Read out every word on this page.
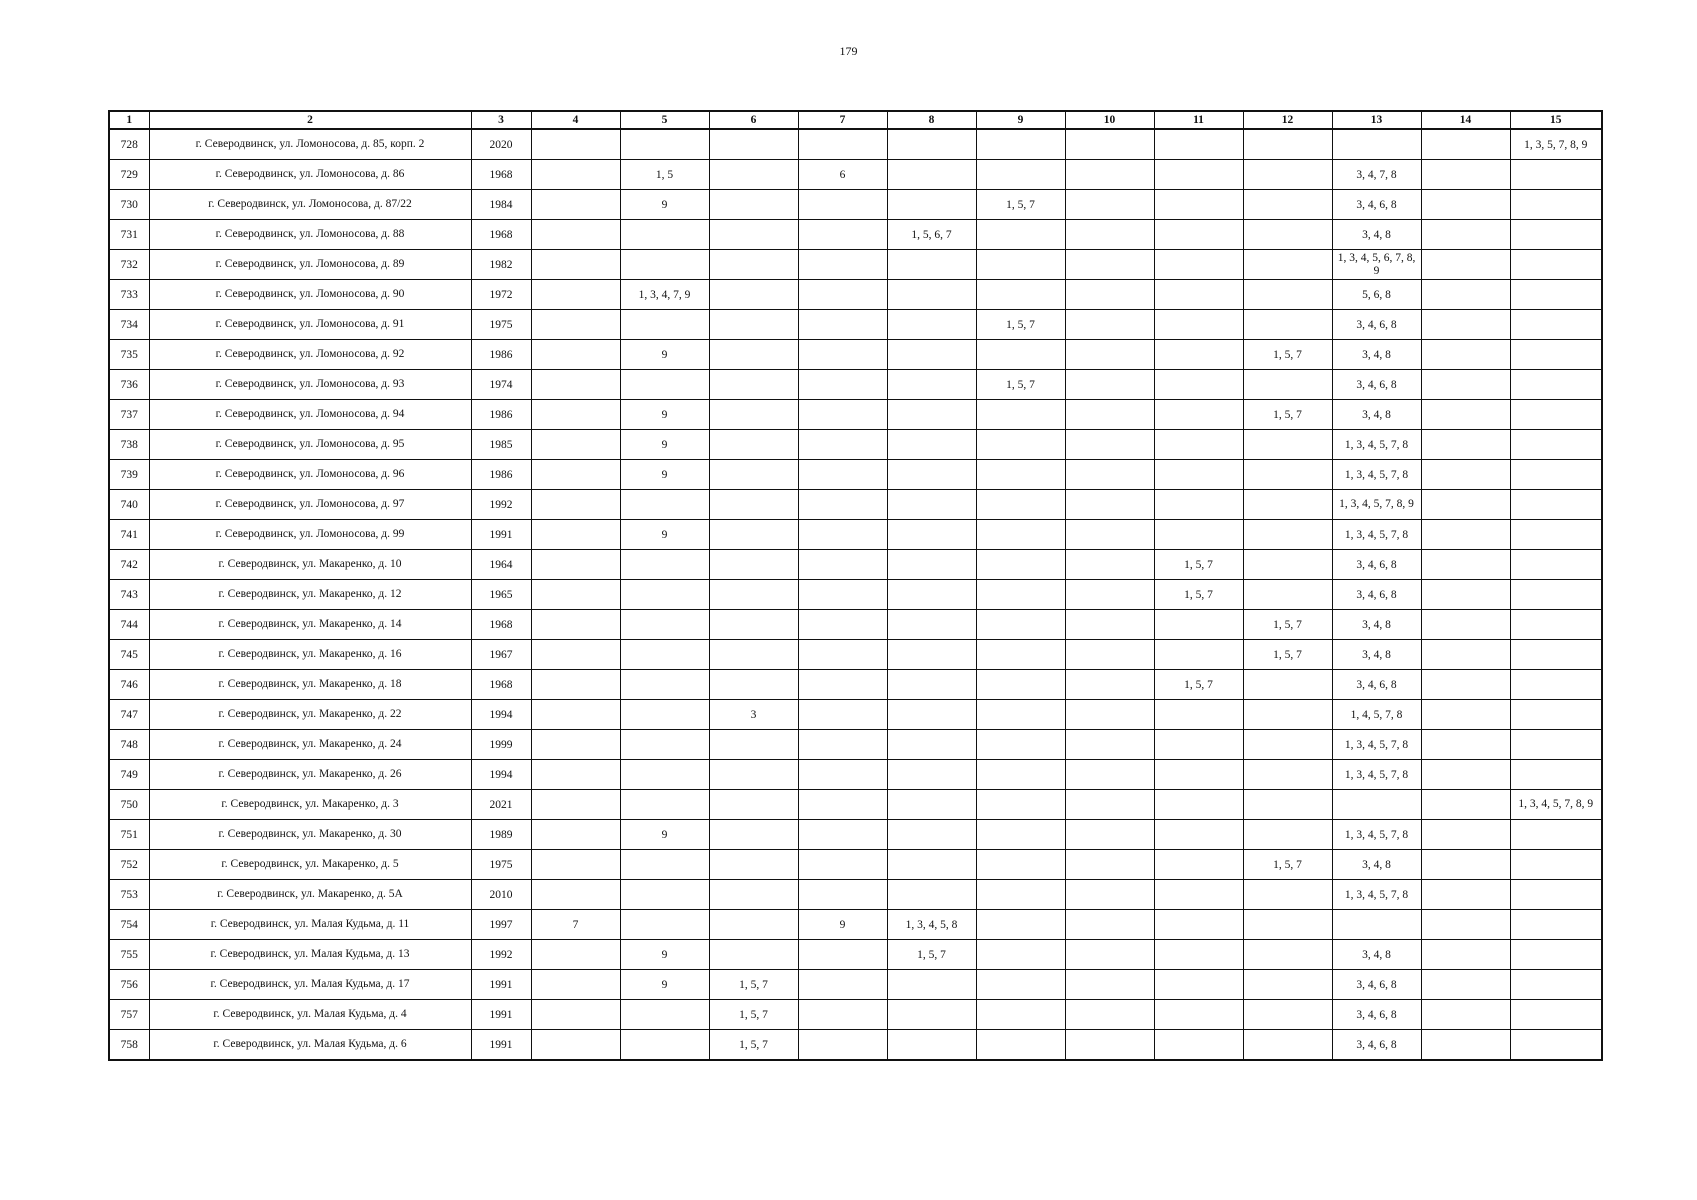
179
1	2	3	4	5	6	7	8	9	10	11	12	13	14	15
728	г. Северодвинск, ул. Ломоносова, д. 85, корп. 2	2020												1, 3, 5, 7, 8, 9
729	г. Северодвинск, ул. Ломоносова, д. 86	1968		1, 5		6						3, 4, 7, 8		
730	г. Северодвинск, ул. Ломоносова, д. 87/22	1984		9				1, 5, 7				3, 4, 6, 8		
731	г. Северодвинск, ул. Ломоносова, д. 88	1968					1, 5, 6, 7					3, 4, 8		
732	г. Северодвинск, ул. Ломоносова, д. 89	1982										1, 3, 4, 5, 6, 7, 8, 9		
733	г. Северодвинск, ул. Ломоносова, д. 90	1972		1, 3, 4, 7, 9								5, 6, 8		
734	г. Северодвинск, ул. Ломоносова, д. 91	1975						1, 5, 7				3, 4, 6, 8		
735	г. Северодвинск, ул. Ломоносова, д. 92	1986		9							1, 5, 7	3, 4, 8		
736	г. Северодвинск, ул. Ломоносова, д. 93	1974						1, 5, 7				3, 4, 6, 8		
737	г. Северодвинск, ул. Ломоносова, д. 94	1986		9							1, 5, 7	3, 4, 8		
738	г. Северодвинск, ул. Ломоносова, д. 95	1985		9								1, 3, 4, 5, 7, 8		
739	г. Северодвинск, ул. Ломоносова, д. 96	1986		9								1, 3, 4, 5, 7, 8		
740	г. Северодвинск, ул. Ломоносова, д. 97	1992										1, 3, 4, 5, 7, 8, 9		
741	г. Северодвинск, ул. Ломоносова, д. 99	1991		9								1, 3, 4, 5, 7, 8		
742	г. Северодвинск, ул. Макаренко, д. 10	1964								1, 5, 7		3, 4, 6, 8		
743	г. Северодвинск, ул. Макаренко, д. 12	1965								1, 5, 7		3, 4, 6, 8		
744	г. Северодвинск, ул. Макаренко, д. 14	1968									1, 5, 7	3, 4, 8		
745	г. Северодвинск, ул. Макаренко, д. 16	1967									1, 5, 7	3, 4, 8		
746	г. Северодвинск, ул. Макаренко, д. 18	1968								1, 5, 7		3, 4, 6, 8		
747	г. Северодвинск, ул. Макаренко, д. 22	1994			3							1, 4, 5, 7, 8		
748	г. Северодвинск, ул. Макаренко, д. 24	1999										1, 3, 4, 5, 7, 8		
749	г. Северодвинск, ул. Макаренко, д. 26	1994										1, 3, 4, 5, 7, 8		
750	г. Северодвинск, ул. Макаренко, д. 3	2021												1, 3, 4, 5, 7, 8, 9
751	г. Северодвинск, ул. Макаренко, д. 30	1989		9								1, 3, 4, 5, 7, 8		
752	г. Северодвинск, ул. Макаренко, д. 5	1975									1, 5, 7	3, 4, 8		
753	г. Северодвинск, ул. Макаренко, д. 5А	2010										1, 3, 4, 5, 7, 8		
754	г. Северодвинск, ул. Малая Кудьма, д. 11	1997	7			9	1, 3, 4, 5, 8							
755	г. Северодвинск, ул. Малая Кудьма, д. 13	1992		9			1, 5, 7					3, 4, 8		
756	г. Северодвинск, ул. Малая Кудьма, д. 17	1991		9	1, 5, 7							3, 4, 6, 8		
757	г. Северодвинск, ул. Малая Кудьма, д. 4	1991			1, 5, 7							3, 4, 6, 8		
758	г. Северодвинск, ул. Малая Кудьма, д. 6	1991			1, 5, 7							3, 4, 6, 8		
